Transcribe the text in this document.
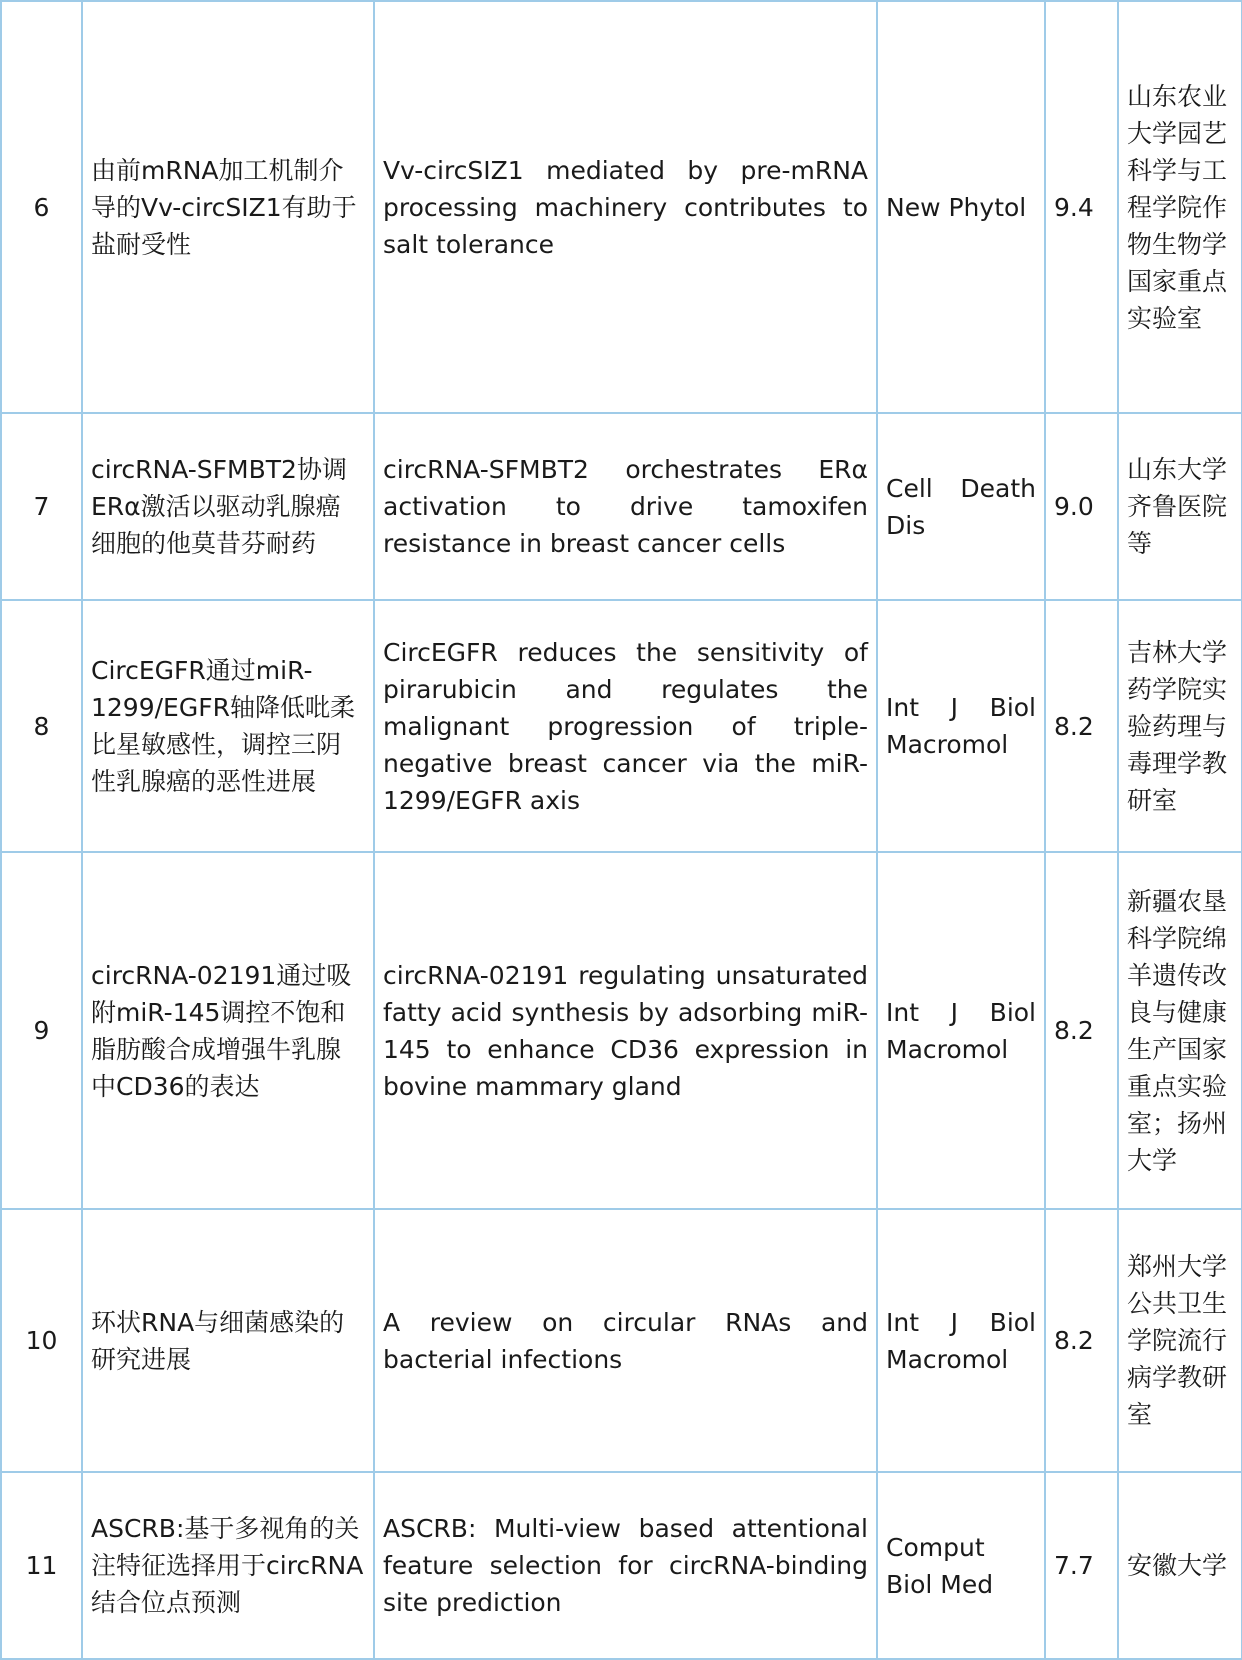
6	由前mRNA加工机制介导的Vv-circSIZ1有助于盐耐受性	Vv-circSIZ1 mediated by pre-mRNA processing machinery contributes to salt tolerance	New Phytol	9.4	山东农业大学园艺科学与工程学院作物生物学国家重点实验室
7	circRNA-SFMBT2协调ERα激活以驱动乳腺癌细胞的他莫昔芬耐药	circRNA-SFMBT2 orchestrates ERα activation to drive tamoxifen resistance in breast cancer cells	Cell Death Dis	9.0	山东大学齐鲁医院等
8	CircEGFR通过miR-1299/EGFR轴降低吡柔比星敏感性，调控三阴性乳腺癌的恶性进展	CircEGFR reduces the sensitivity of pirarubicin and regulates the malignant progression of triple-negative breast cancer via the miR-1299/EGFR axis	Int J Biol Macromol	8.2	吉林大学药学院实验药理与毒理学教研室
9	circRNA-02191通过吸附miR-145调控不饱和脂肪酸合成增强牛乳腺中CD36的表达	circRNA-02191 regulating unsaturated fatty acid synthesis by adsorbing miR-145 to enhance CD36 expression in bovine mammary gland	Int J Biol Macromol	8.2	新疆农垦科学院绵羊遗传改良与健康生产国家重点实验室；扬州大学
10	环状RNA与细菌感染的研究进展	A review on circular RNAs and bacterial infections	Int J Biol Macromol	8.2	郑州大学公共卫生学院流行病学教研室
11	ASCRB:基于多视角的关注特征选择用于circRNA结合位点预测	ASCRB: Multi-view based attentional feature selection for circRNA-binding site prediction	Comput Biol Med	7.7	安徽大学
